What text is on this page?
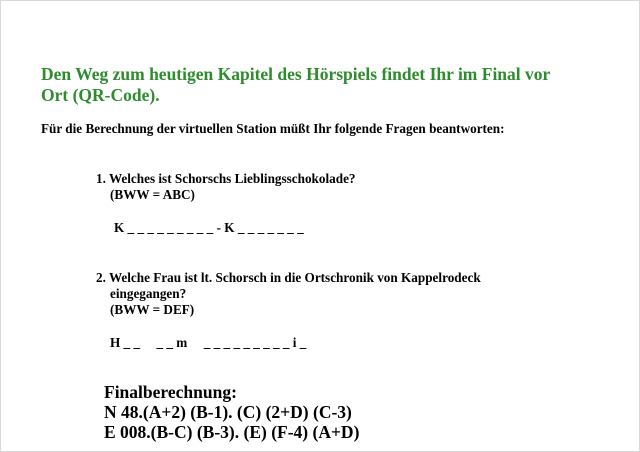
Den Weg zum heutigen Kapitel des Hörspiels findet Ihr im Final vor
Ort (QR-Code).

Für die Berechnung der virtuellen Station müßt Ihr folgende Fragen beantworten:

1. Welches ist Schorschs Lieblingsschokolade?
(BWW = ABC)
K _ _ _ _ _ _ _ _ _ - K _ _ _ _ _ _ _
2. Welche Frau ist lt. Schorsch in die Ortschronik von Kappelrodeck
eingegangen?
(BWW = DEF)
H _ _     _ _ m     _ _ _ _ _ _ _ _ _ i _
Finalberechnung:
N 48.(A+2) (B-1). (C) (2+D) (C-3)
E 008.(B-C) (B-3). (E) (F-4) (A+D)
